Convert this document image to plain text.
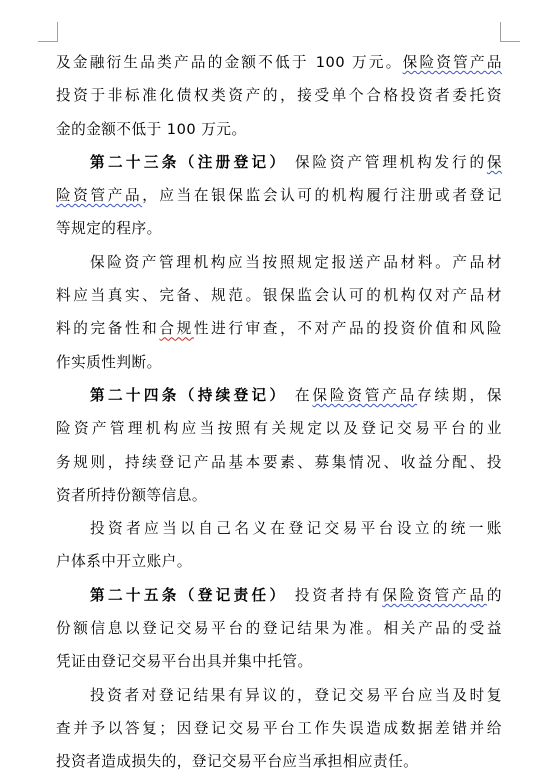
及金融衍生品类产品的金额不低于 100 万元。保险资管产品
投资于非标准化债权类资产的，接受单个合格投资者委托资
金的金额不低于 100 万元。
第二十三条（注册登记） 保险资产管理机构发行的保
险资管产品，应当在银保监会认可的机构履行注册或者登记
等规定的程序。
保险资产管理机构应当按照规定报送产品材料。产品材
料应当真实、完备、规范。银保监会认可的机构仅对产品材
料的完备性和合规性进行审查，不对产品的投资价值和风险
作实质性判断。
第二十四条（持续登记） 在保险资管产品存续期，保
险资产管理机构应当按照有关规定以及登记交易平台的业
务规则，持续登记产品基本要素、募集情况、收益分配、投
资者所持份额等信息。
投资者应当以自己名义在登记交易平台设立的统一账
户体系中开立账户。
第二十五条（登记责任） 投资者持有保险资管产品的
份额信息以登记交易平台的登记结果为准。相关产品的受益
凭证由登记交易平台出具并集中托管。
投资者对登记结果有异议的，登记交易平台应当及时复
查并予以答复；因登记交易平台工作失误造成数据差错并给
投资者造成损失的，登记交易平台应当承担相应责任。
